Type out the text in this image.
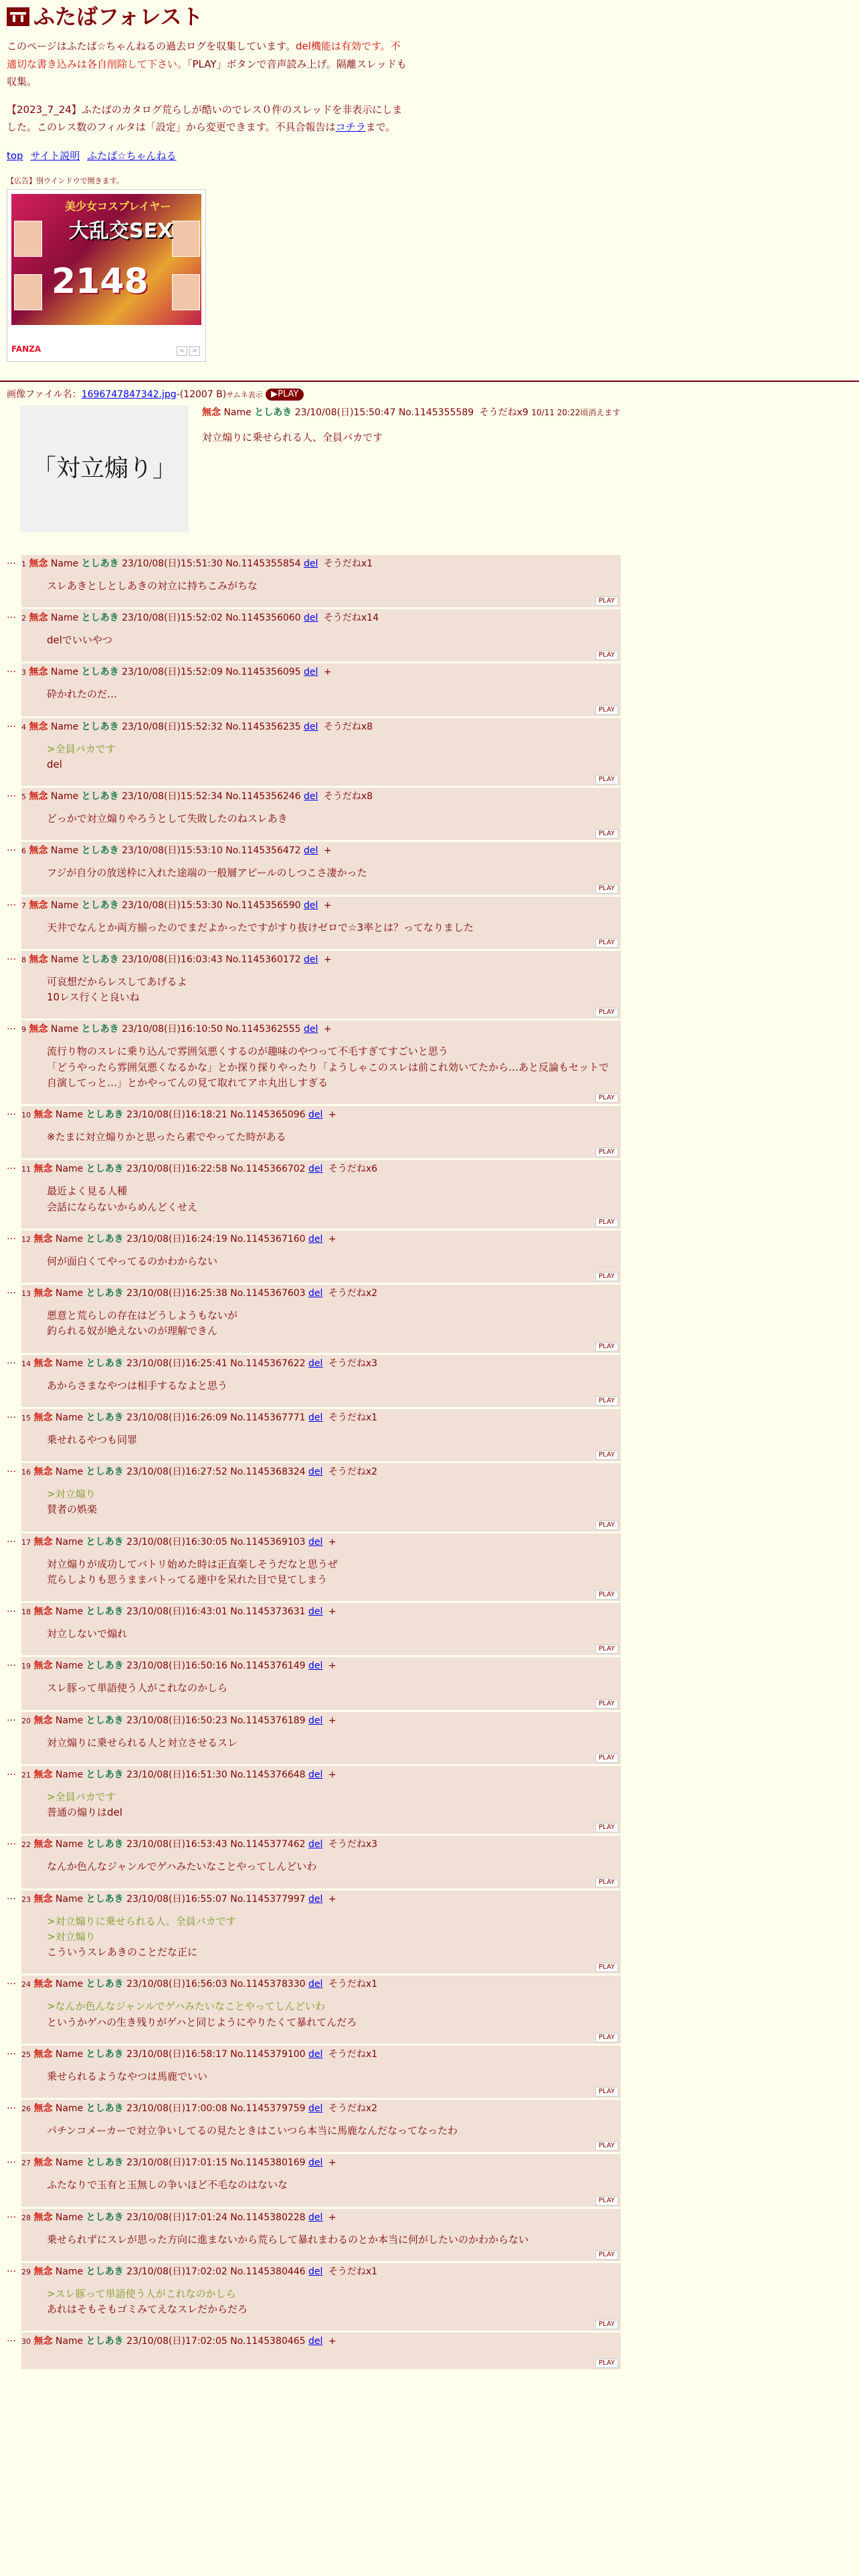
ふたばフォレスト

このページはふたば☆ちゃんねるの過去ログを収集しています。del機能は有効です。不適切な書き込みは各自削除して下さい。「PLAY」ボタンで音声読み上げ。隔離スレッドも収集。

【2023_7_24】ふたばのカタログ荒らしが酷いのでレス０件のスレッドを非表示にしました。このレス数のフィルタは「設定」から変更できます。不具合報告はコチラまで。

top サイト説明 ふたば☆ちゃんねる

【広告】別ウインドウで開きます。
美少女コスプレイヤー
大乱交SEX
2148
FANZA	<	>
画像ファイル名：1696747847342.jpg-(12007 B)サムネ表示 ▶PLAY
「対立煽り」
無念 Name としあき 23/10/08(日)15:50:47 No.1145355589 そうだねx9 10/11 20:22頃消えます
対立煽りに乗せられる人、全員バカです
… 1 無念 Name としあき 23/10/08(日)15:51:30 No.1145355854 del そうだねx1
スレあきとしとしあきの対立に持ちこみがちな
PLAY
… 2 無念 Name としあき 23/10/08(日)15:52:02 No.1145356060 del そうだねx14
delでいいやつ
PLAY
… 3 無念 Name としあき 23/10/08(日)15:52:09 No.1145356095 del +
砕かれたのだ…
PLAY
… 4 無念 Name としあき 23/10/08(日)15:52:32 No.1145356235 del そうだねx8
>全員バカです
del
PLAY
… 5 無念 Name としあき 23/10/08(日)15:52:34 No.1145356246 del そうだねx8
どっかで対立煽りやろうとして失敗したのねスレあき
PLAY
… 6 無念 Name としあき 23/10/08(日)15:53:10 No.1145356472 del +
フジが自分の放送枠に入れた途端の一般層アピールのしつこさ凄かった
PLAY
… 7 無念 Name としあき 23/10/08(日)15:53:30 No.1145356590 del +
天井でなんとか両方揃ったのでまだよかったですがすり抜けゼロで☆3率とは？ってなりました
PLAY
… 8 無念 Name としあき 23/10/08(日)16:03:43 No.1145360172 del +
可哀想だからレスしてあげるよ
10レス行くと良いね
PLAY
… 9 無念 Name としあき 23/10/08(日)16:10:50 No.1145362555 del +
流行り物のスレに乗り込んで雰囲気悪くするのが趣味のやつって不毛すぎてすごいと思う
「どうやったら雰囲気悪くなるかな」とか探り探りやったり「ようしゃこのスレは前これ効いてたから…あと反論もセットで自演してっと…」とかやってんの見て取れてアホ丸出しすぎる
PLAY
… 10 無念 Name としあき 23/10/08(日)16:18:21 No.1145365096 del +
※たまに対立煽りかと思ったら素でやってた時がある
PLAY
… 11 無念 Name としあき 23/10/08(日)16:22:58 No.1145366702 del そうだねx6
最近よく見る人種
会話にならないからめんどくせえ
PLAY
… 12 無念 Name としあき 23/10/08(日)16:24:19 No.1145367160 del +
何が面白くてやってるのかわからない
PLAY
… 13 無念 Name としあき 23/10/08(日)16:25:38 No.1145367603 del そうだねx2
悪意と荒らしの存在はどうしようもないが
釣られる奴が絶えないのが理解できん
PLAY
… 14 無念 Name としあき 23/10/08(日)16:25:41 No.1145367622 del そうだねx3
あからさまなやつは相手するなよと思う
PLAY
… 15 無念 Name としあき 23/10/08(日)16:26:09 No.1145367771 del そうだねx1
乗せれるやつも同罪
PLAY
… 16 無念 Name としあき 23/10/08(日)16:27:52 No.1145368324 del そうだねx2
>対立煽り
賛者の娯楽
PLAY
… 17 無念 Name としあき 23/10/08(日)16:30:05 No.1145369103 del +
対立煽りが成功してバトリ始めた時は正直楽しそうだなと思うぜ
荒らしよりも思うままバトってる連中を呆れた目で見てしまう
PLAY
… 18 無念 Name としあき 23/10/08(日)16:43:01 No.1145373631 del +
対立しないで煽れ
PLAY
… 19 無念 Name としあき 23/10/08(日)16:50:16 No.1145376149 del +
スレ豚って単語使う人がこれなのかしら
PLAY
… 20 無念 Name としあき 23/10/08(日)16:50:23 No.1145376189 del +
対立煽りに乗せられる人と対立させるスレ
PLAY
… 21 無念 Name としあき 23/10/08(日)16:51:30 No.1145376648 del +
>全員バカです
普通の煽りはdel
PLAY
… 22 無念 Name としあき 23/10/08(日)16:53:43 No.1145377462 del そうだねx3
なんか色んなジャンルでゲハみたいなことやってしんどいわ
PLAY
… 23 無念 Name としあき 23/10/08(日)16:55:07 No.1145377997 del +
>対立煽りに乗せられる人、全員バカです
>対立煽り
こういうスレあきのことだな正に
PLAY
… 24 無念 Name としあき 23/10/08(日)16:56:03 No.1145378330 del そうだねx1
>なんか色んなジャンルでゲハみたいなことやってしんどいわ
というかゲハの生き残りがゲハと同じようにやりたくて暴れてんだろ
PLAY
… 25 無念 Name としあき 23/10/08(日)16:58:17 No.1145379100 del そうだねx1
乗せられるようなやつは馬鹿でいい
PLAY
… 26 無念 Name としあき 23/10/08(日)17:00:08 No.1145379759 del そうだねx2
パチンコメーカーで対立争いしてるの見たときはこいつら本当に馬鹿なんだなってなったわ
PLAY
… 27 無念 Name としあき 23/10/08(日)17:01:15 No.1145380169 del +
ふたなりで玉有と玉無しの争いほど不毛なのはないな
PLAY
… 28 無念 Name としあき 23/10/08(日)17:01:24 No.1145380228 del +
乗せられずにスレが思った方向に進まないから荒らして暴れまわるのとか本当に何がしたいのかわからない
PLAY
… 29 無念 Name としあき 23/10/08(日)17:02:02 No.1145380446 del そうだねx1
>スレ豚って単語使う人がこれなのかしら
あれはそもそもゴミみてえなスレだからだろ
PLAY
… 30 無念 Name としあき 23/10/08(日)17:02:05 No.1145380465 del +
PLAY
